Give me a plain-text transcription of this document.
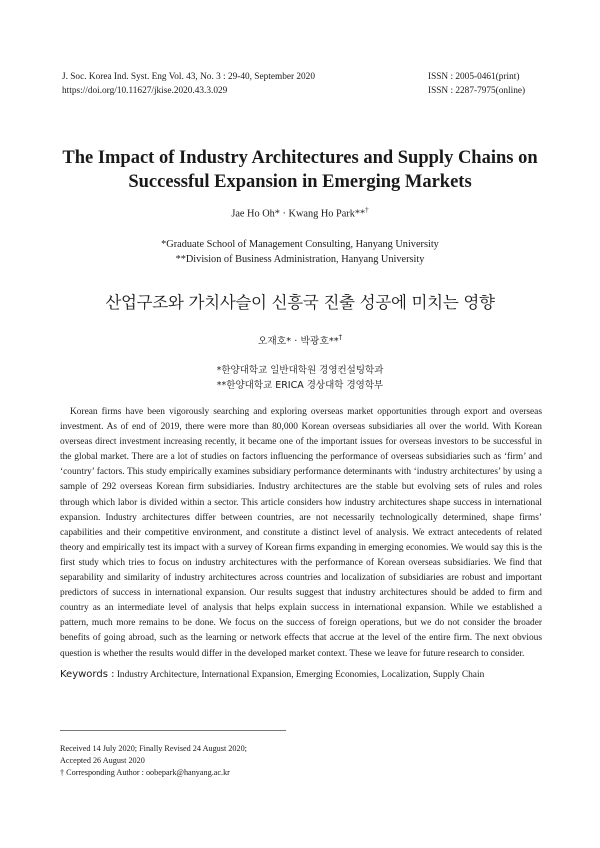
J. Soc. Korea Ind. Syst. Eng Vol. 43, No. 3 : 29-40, September 2020
https://doi.org/10.11627/jkise.2020.43.3.029
ISSN : 2005-0461(print)
ISSN : 2287-7975(online)
The Impact of Industry Architectures and Supply Chains on
Successful Expansion in Emerging Markets
Jae Ho Oh* · Kwang Ho Park**†
*Graduate School of Management Consulting, Hanyang University
**Division of Business Administration, Hanyang University
산업구조와 가치사슬이 신흥국 진출 성공에 미치는 영향
오재호* · 박광호**†
*한양대학교 일반대학원 경영컨설팅학과
**한양대학교 ERICA 경상대학 경영학부

Korean firms have been vigorously searching and exploring overseas market opportunities through export and overseas investment. As of end of 2019, there were more than 80,000 Korean overseas subsidiaries all over the world. With Korean overseas direct investment increasing recently, it became one of the important issues for overseas investors to be successful in the global market. There are a lot of studies on factors influencing the performance of overseas subsidiaries such as ‘firm’ and ‘country’ factors. This study empirically examines subsidiary performance determinants with ‘industry architectures’ by using a sample of 292 overseas Korean firm subsidiaries. Industry architectures are the stable but evolving sets of rules and roles through which labor is divided within a sector. This article considers how industry architectures shape success in international expansion. Industry architectures differ between countries, are not necessarily technologically determined, shape firms’ capabilities and their competitive environment, and constitute a distinct level of analysis. We extract antecedents of related theory and empirically test its impact with a survey of Korean firms expanding in emerging economies. We would say this is the first study which tries to focus on industry architectures with the performance of Korean overseas subsidiaries. We find that separability and similarity of industry architectures across countries and localization of subsidiaries are robust and important predictors of success in international expansion. Our results suggest that industry architectures should be added to firm and country as an intermediate level of analysis that helps explain success in international expansion. While we established a pattern, much more remains to be done. We focus on the success of foreign operations, but we do not consider the broader benefits of going abroad, such as the learning or network effects that accrue at the level of the entire firm. The next obvious question is whether the results would differ in the developed market context. These we leave for future research to consider.

Keywords : Industry Architecture, International Expansion, Emerging Economies, Localization, Supply Chain
Received 14 July 2020; Finally Revised 24 August 2020;
Accepted 26 August 2020
† Corresponding Author : oobepark@hanyang.ac.kr
